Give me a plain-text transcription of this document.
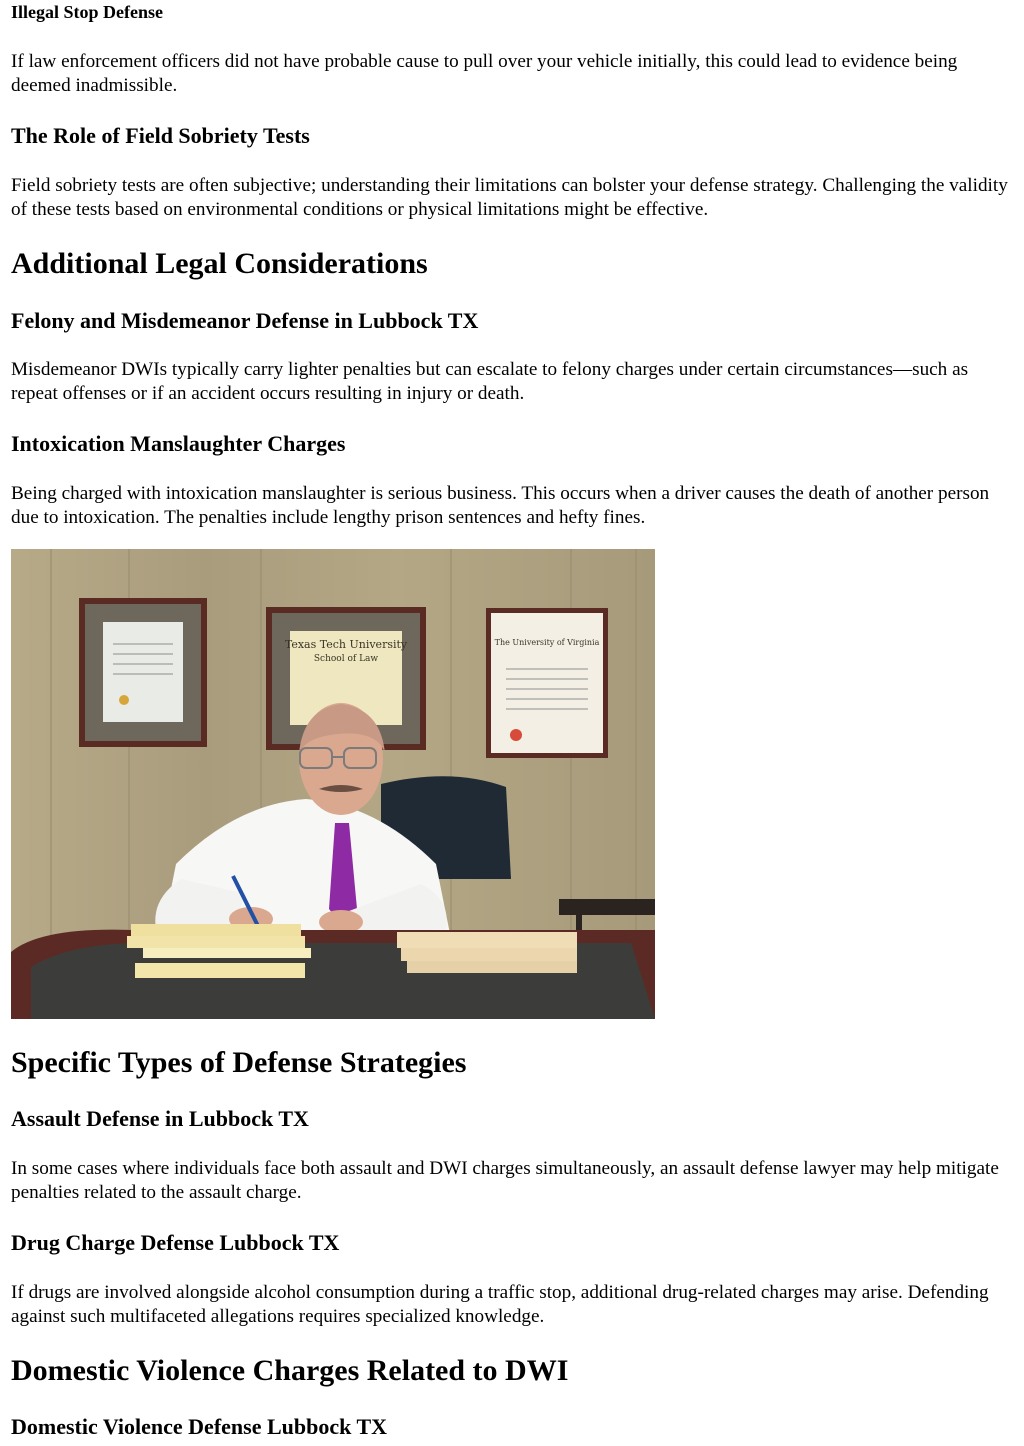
Illegal Stop Defense
If law enforcement officers did not have probable cause to pull over your vehicle initially, this could lead to evidence being deemed inadmissible.
The Role of Field Sobriety Tests
Field sobriety tests are often subjective; understanding their limitations can bolster your defense strategy. Challenging the validity of these tests based on environmental conditions or physical limitations might be effective.
Additional Legal Considerations
Felony and Misdemeanor Defense in Lubbock TX
Misdemeanor DWIs typically carry lighter penalties but can escalate to felony charges under certain circumstances—such as repeat offenses or if an accident occurs resulting in injury or death.
Intoxication Manslaughter Charges
Being charged with intoxication manslaughter is serious business. This occurs when a driver causes the death of another person due to intoxication. The penalties include lengthy prison sentences and hefty fines.
Texas Tech University
School of Law
The University of Virginia
Specific Types of Defense Strategies
Assault Defense in Lubbock TX
In some cases where individuals face both assault and DWI charges simultaneously, an assault defense lawyer may help mitigate penalties related to the assault charge.
Drug Charge Defense Lubbock TX
If drugs are involved alongside alcohol consumption during a traffic stop, additional drug-related charges may arise. Defending against such multifaceted allegations requires specialized knowledge.
Domestic Violence Charges Related to DWI
Domestic Violence Defense Lubbock TX
